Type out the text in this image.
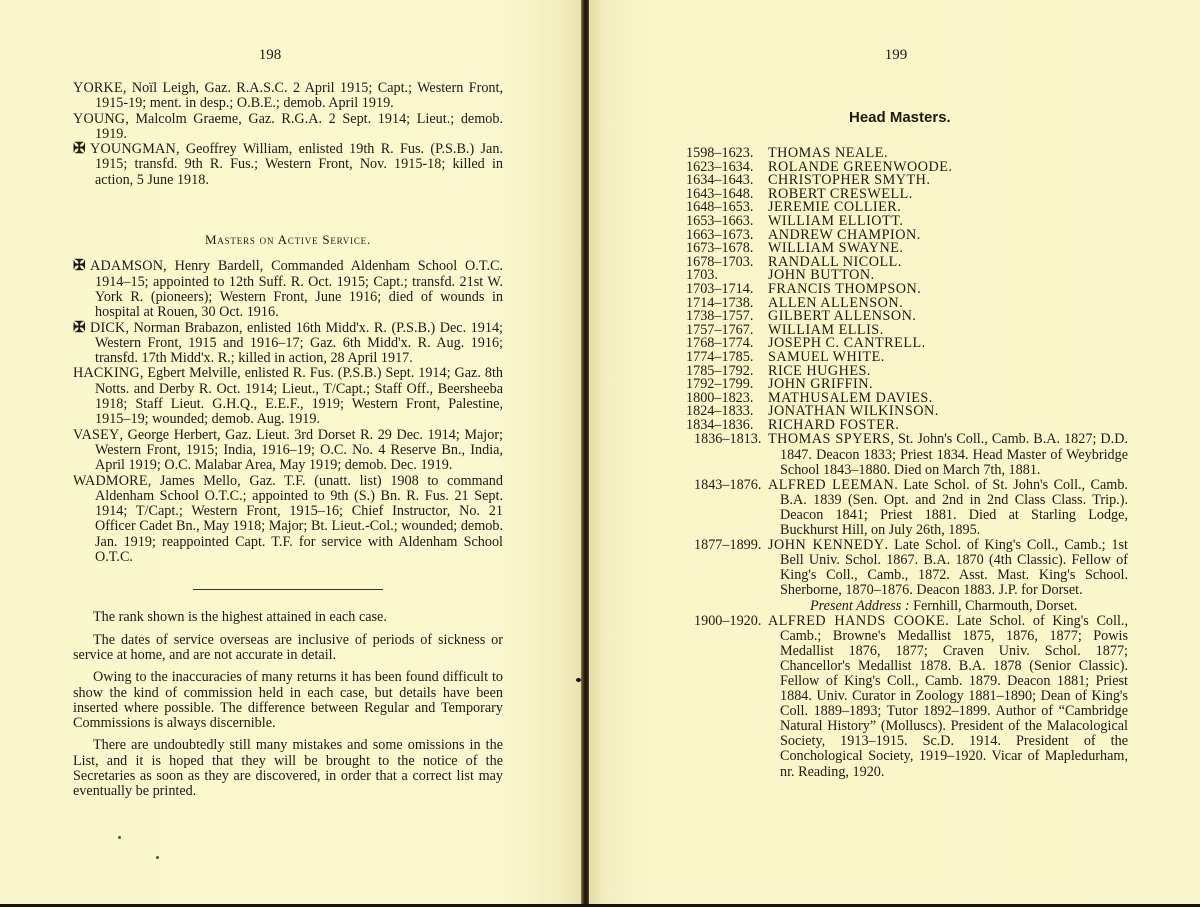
198

YORKE, Noïl Leigh, Gaz. R.A.S.C. 2 April 1915; Capt.; Western Front, 1915-19; ment. in desp.; O.B.E.; demob. April 1919.

YOUNG, Malcolm Graeme, Gaz. R.G.A. 2 Sept. 1914; Lieut.; demob. 1919.

✠ YOUNGMAN, Geoffrey William, enlisted 19th R. Fus. (P.S.B.) Jan. 1915; transfd. 9th R. Fus.; Western Front, Nov. 1915-18; killed in action, 5 June 1918.

Masters on Active Service.

✠ ADAMSON, Henry Bardell, Commanded Aldenham School O.T.C. 1914–15; appointed to 12th Suff. R. Oct. 1915; Capt.; transfd. 21st W. York R. (pioneers); Western Front, June 1916; died of wounds in hospital at Rouen, 30 Oct. 1916.

✠ DICK, Norman Brabazon, enlisted 16th Midd'x. R. (P.S.B.) Dec. 1914; Western Front, 1915 and 1916–17; Gaz. 6th Midd'x. R. Aug. 1916; transfd. 17th Midd'x. R.; killed in action, 28 April 1917.

HACKING, Egbert Melville, enlisted R. Fus. (P.S.B.) Sept. 1914; Gaz. 8th Notts. and Derby R. Oct. 1914; Lieut., T/Capt.; Staff Off., Beersheeba 1918; Staff Lieut. G.H.Q., E.E.F., 1919; Western Front, Palestine, 1915–19; wounded; demob. Aug. 1919.

VASEY, George Herbert, Gaz. Lieut. 3rd Dorset R. 29 Dec. 1914; Major; Western Front, 1915; India, 1916–19; O.C. No. 4 Reserve Bn., India, April 1919; O.C. Malabar Area, May 1919; demob. Dec. 1919.

WADMORE, James Mello, Gaz. T.F. (unatt. list) 1908 to command Aldenham School O.T.C.; appointed to 9th (S.) Bn. R. Fus. 21 Sept. 1914; T/Capt.; Western Front, 1915–16; Chief Instructor, No. 21 Officer Cadet Bn., May 1918; Major; Bt. Lieut.-Col.; wounded; demob. Jan. 1919; reappointed Capt. T.F. for service with Aldenham School O.T.C.

The rank shown is the highest attained in each case.

The dates of service overseas are inclusive of periods of sickness or service at home, and are not accurate in detail.

Owing to the inaccuracies of many returns it has been found difficult to show the kind of commission held in each case, but details have been inserted where possible. The difference between Regular and Temporary Commissions is always discernible.

There are undoubtedly still many mistakes and some omissions in the List, and it is hoped that they will be brought to the notice of the Secretaries as soon as they are discovered, in order that a correct list may eventually be printed.

199
Head Masters.
1598–1623.	THOMAS NEALE.
1623–1634.	ROLANDE GREENWOODE.
1634–1643.	CHRISTOPHER SMYTH.
1643–1648.	ROBERT CRESWELL.
1648–1653.	JEREMIE COLLIER.
1653–1663.	WILLIAM ELLIOTT.
1663–1673.	ANDREW CHAMPION.
1673–1678.	WILLIAM SWAYNE.
1678–1703.	RANDALL NICOLL.
1703.	JOHN BUTTON.
1703–1714.	FRANCIS THOMPSON.
1714–1738.	ALLEN ALLENSON.
1738–1757.	GILBERT ALLENSON.
1757–1767.	WILLIAM ELLIS.
1768–1774.	JOSEPH C. CANTRELL.
1774–1785.	SAMUEL WHITE.
1785–1792.	RICE HUGHES.
1792–1799.	JOHN GRIFFIN.
1800–1823.	MATHUSALEM DAVIES.
1824–1833.	JONATHAN WILKINSON.
1834–1836.	RICHARD FOSTER.
1836–1813. THOMAS SPYERS, St. John's Coll., Camb. B.A. 1827; D.D. 1847. Deacon 1833; Priest 1834. Head Master of Weybridge School 1843–1880. Died on March 7th, 1881.
1843–1876. ALFRED LEEMAN. Late Schol. of St. John's Coll., Camb. B.A. 1839 (Sen. Opt. and 2nd in 2nd Class Class. Trip.). Deacon 1841; Priest 1881. Died at Starling Lodge, Buckhurst Hill, on July 26th, 1895.
1877–1899. JOHN KENNEDY. Late Schol. of King's Coll., Camb.; 1st Bell Univ. Schol. 1867. B.A. 1870 (4th Classic). Fellow of King's Coll., Camb., 1872. Asst. Mast. King's School. Sherborne, 1870–1876. Deacon 1883. J.P. for Dorset.
Present Address : Fernhill, Charmouth, Dorset.
1900–1920. ALFRED HANDS COOKE. Late Schol. of King's Coll., Camb.; Browne's Medallist 1875, 1876, 1877; Powis Medallist 1876, 1877; Craven Univ. Schol. 1877; Chancellor's Medallist 1878. B.A. 1878 (Senior Classic). Fellow of King's Coll., Camb. 1879. Deacon 1881; Priest 1884. Univ. Curator in Zoology 1881–1890; Dean of King's Coll. 1889–1893; Tutor 1892–1899. Author of “Cambridge Natural History” (Molluscs). President of the Malacological Society, 1913–1915. Sc.D. 1914. President of the Conchological Society, 1919–1920. Vicar of Mapledurham, nr. Reading, 1920.
